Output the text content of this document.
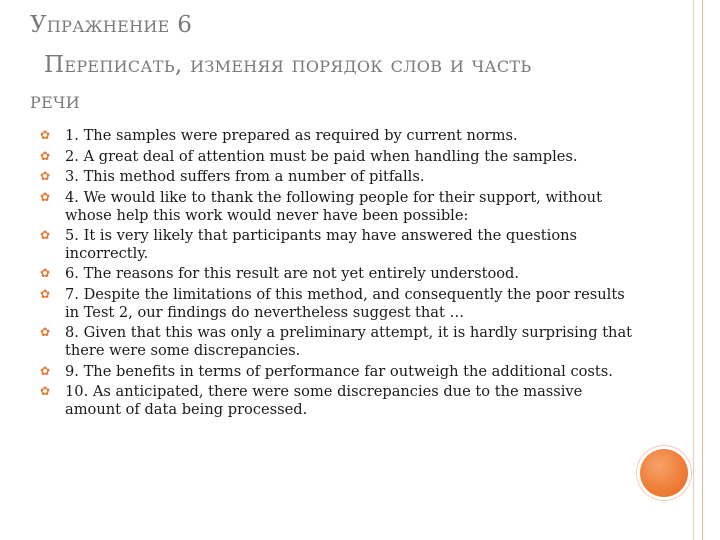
Упражнение 6
Переписать, изменяя порядок слов и часть
речи
✿ 1. The samples were prepared as required by current norms.
✿ 2. A great deal of attention must be paid when handling the samples.
✿ 3. This method suffers from a number of pitfalls.
✿ 4. We would like to thank the following people for their support, without whose help this work would never have been possible:
✿ 5. It is very likely that participants may have answered the questions incorrectly.
✿ 6. The reasons for this result are not yet entirely understood.
✿ 7. Despite the limitations of this method, and consequently the poor results in Test 2, our findings do nevertheless suggest that …
✿ 8. Given that this was only a preliminary attempt, it is hardly surprising that there were some discrepancies.
✿ 9. The benefits in terms of performance far outweigh the additional costs.
✿ 10. As anticipated, there were some discrepancies due to the massive amount of data being processed.
